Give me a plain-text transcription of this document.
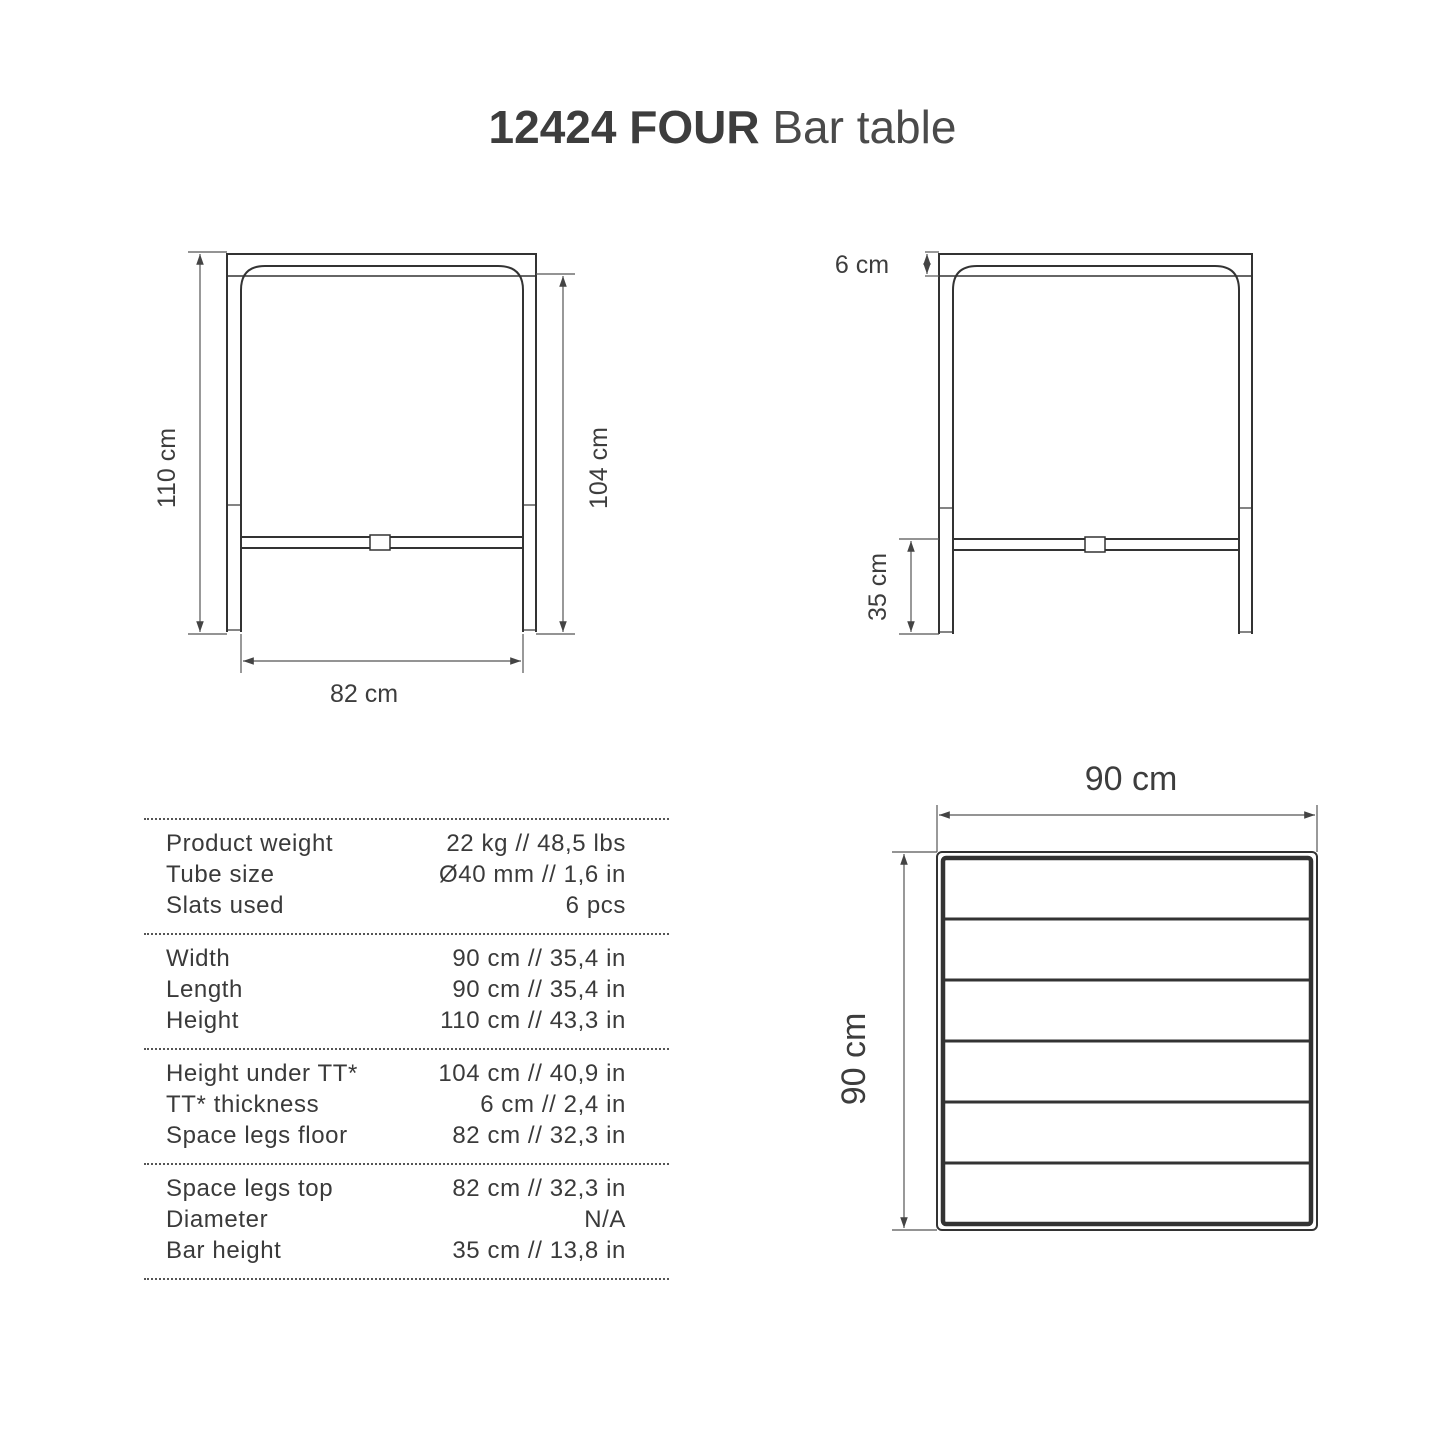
12424 FOUR Bar table
110 cm	104 cm
82 cm
6 cm
35 cm
90 cm
90 cm
Product weight	22 kg // 48,5 lbs
Tube size	Ø40 mm // 1,6 in
Slats used	6 pcs
Width	90 cm // 35,4 in
Length	90 cm // 35,4 in
Height	110 cm // 43,3 in
Height under TT*	104 cm // 40,9 in
TT* thickness	6 cm // 2,4 in
Space legs floor	82 cm // 32,3 in
Space legs top	82 cm // 32,3 in
Diameter	N/A
Bar height	35 cm // 13,8 in
